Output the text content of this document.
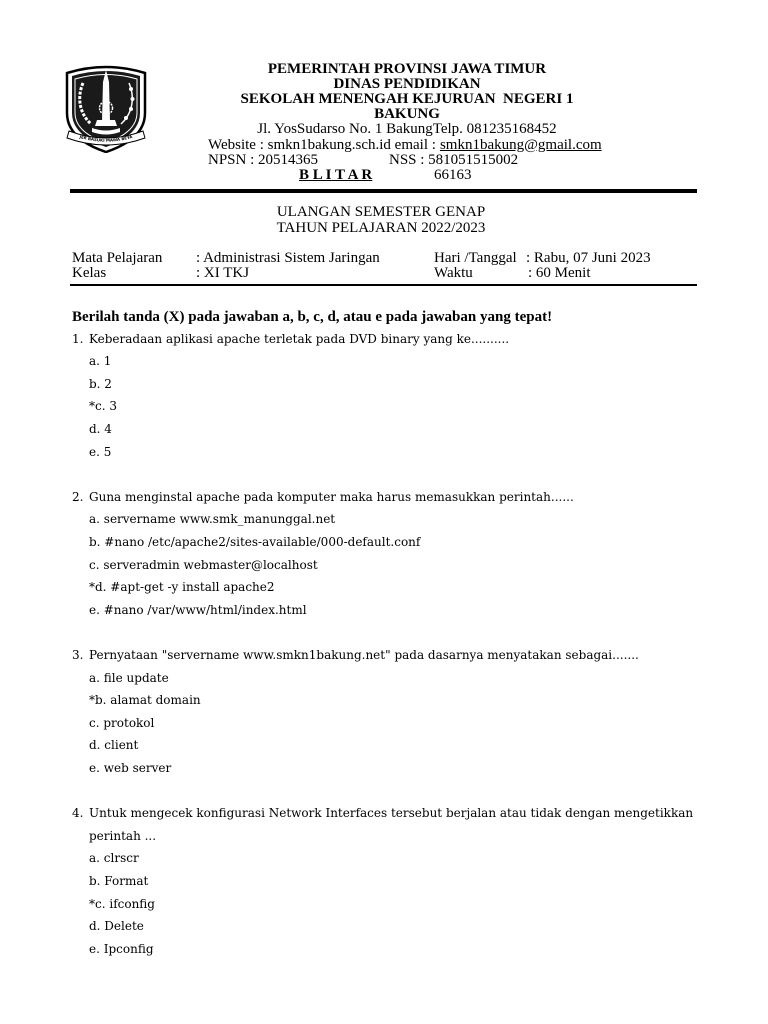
JER BASUKI MAWA BEYA
PEMERINTAH PROVINSI JAWA TIMUR
DINAS PENDIDIKAN
SEKOLAH MENENGAH KEJURUAN  NEGERI 1
BAKUNG
Jl. YosSudarso No. 1 BakungTelp. 081235168452
Website : smkn1bakung.sch.id email : smkn1bakung@gmail.com
NPSN : 20514365	NSS : 581051515002
B L I T A R	66163
ULANGAN SEMESTER GENAP
TAHUN PELAJARAN 2022/2023
Mata Pelajaran : Administrasi Sistem Jaringan	Hari /Tanggal : Rabu, 07 Juni 2023
Kelas	: XI TKJ	Waktu	: 60 Menit
Berilah tanda (X) pada jawaban a, b, c, d, atau e pada jawaban yang tepat!
1. Keberadaan aplikasi apache terletak pada DVD binary yang ke..........
a. 1
b. 2
*c. 3
d. 4
e. 5
2. Guna menginstal apache pada komputer maka harus memasukkan perintah......
a. servername www.smk_manunggal.net
b. #nano /etc/apache2/sites-available/000-default.conf
c. serveradmin webmaster@localhost
*d. #apt-get -y install apache2
e. #nano /var/www/html/index.html
3. Pernyataan "servername www.smkn1bakung.net" pada dasarnya menyatakan sebagai.......
a. file update
*b. alamat domain
c. protokol
d. client
e. web server
4. Untuk mengecek konfigurasi Network Interfaces tersebut berjalan atau tidak dengan mengetikkan perintah ...
a. clrscr
b. Format
*c. ifconfig
d. Delete
e. Ipconfig
